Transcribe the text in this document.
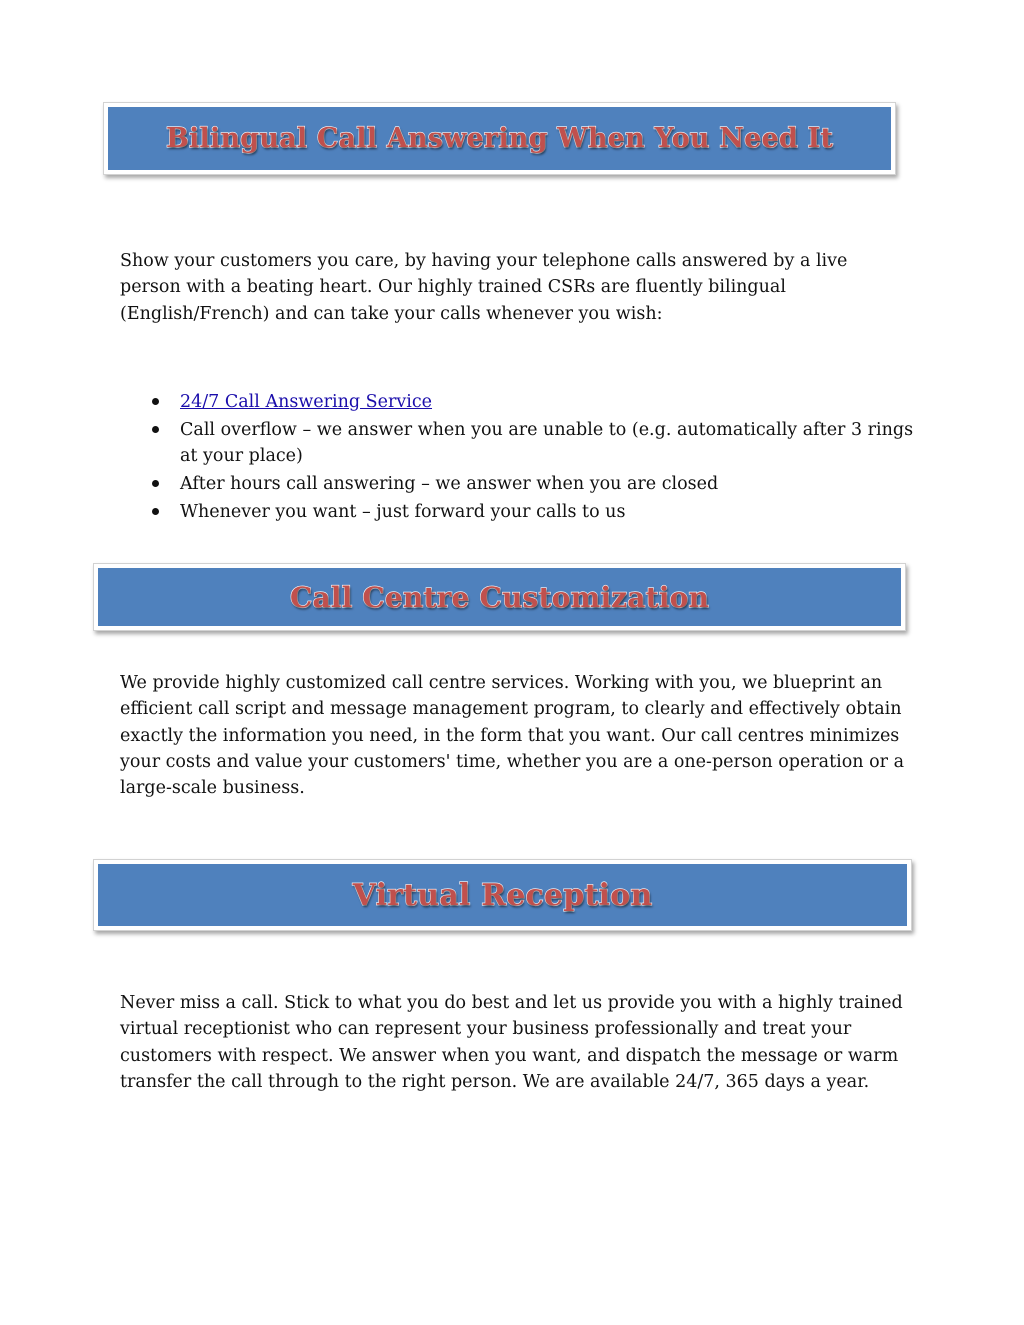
Bilingual Call Answering When You Need It

Show your customers you care, by having your telephone calls answered by a live person with a beating heart. Our highly trained CSRs are fluently bilingual (English/French) and can take your calls whenever you wish:

24/7 Call Answering Service
Call overflow – we answer when you are unable to (e.g. automatically after 3 rings at your place)
After hours call answering – we answer when you are closed
Whenever you want – just forward your calls to us
Call Centre Customization

We provide highly customized call centre services. Working with you, we blueprint an efficient call script and message management program, to clearly and effectively obtain exactly the information you need, in the form that you want. Our call centres minimizes your costs and value your customers' time, whether you are a one-person operation or a large-scale business.

Virtual Reception

Never miss a call. Stick to what you do best and let us provide you with a highly trained virtual receptionist who can represent your business professionally and treat your customers with respect. We answer when you want, and dispatch the message or warm transfer the call through to the right person. We are available 24/7, 365 days a year.
